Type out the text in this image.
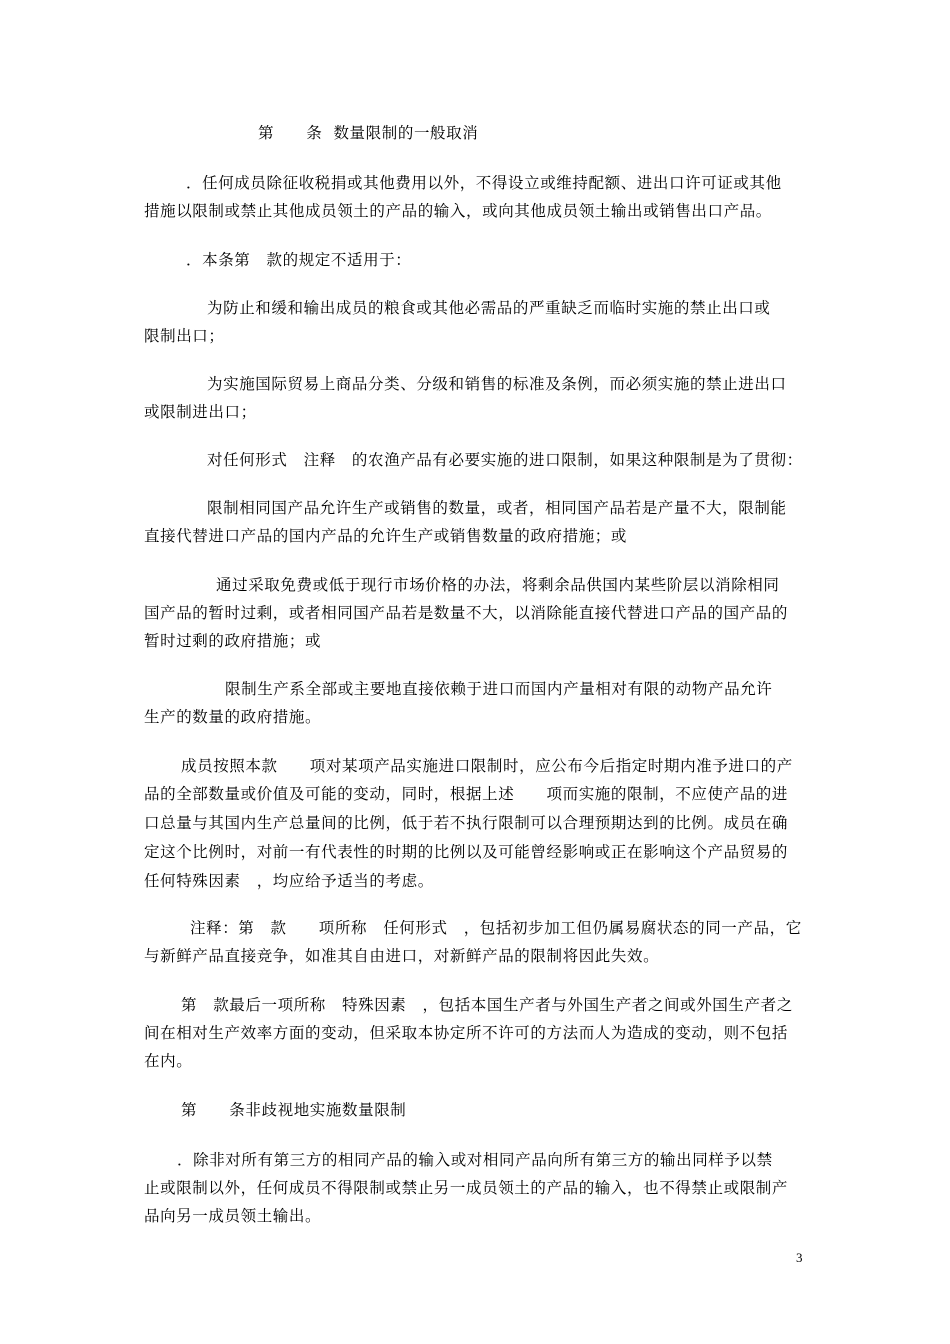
第　　条  数量限制的一般取消
．任何成员除征收税捐或其他费用以外，不得设立或维持配额、进出口许可证或其他
措施以限制或禁止其他成员领土的产品的输入，或向其他成员领土输出或销售出口产品。
．本条第　款的规定不适用于：
为防止和缓和输出成员的粮食或其他必需品的严重缺乏而临时实施的禁止出口或
限制出口；
为实施国际贸易上商品分类、分级和销售的标准及条例，而必须实施的禁止进出口
或限制进出口；
对任何形式　注释　的农渔产品有必要实施的进口限制，如果这种限制是为了贯彻：
限制相同国产品允许生产或销售的数量，或者，相同国产品若是产量不大，限制能
直接代替进口产品的国内产品的允许生产或销售数量的政府措施；或
通过采取免费或低于现行市场价格的办法，将剩余品供国内某些阶层以消除相同
国产品的暂时过剩，或者相同国产品若是数量不大，以消除能直接代替进口产品的国产品的
暂时过剩的政府措施；或
限制生产系全部或主要地直接依赖于进口而国内产量相对有限的动物产品允许
生产的数量的政府措施。
成员按照本款　　项对某项产品实施进口限制时，应公布今后指定时期内准予进口的产
品的全部数量或价值及可能的变动，同时，根据上述　　项而实施的限制，不应使产品的进
口总量与其国内生产总量间的比例，低于若不执行限制可以合理预期达到的比例。成员在确
定这个比例时，对前一有代表性的时期的比例以及可能曾经影响或正在影响这个产品贸易的
任何特殊因素　，均应给予适当的考虑。
注释：第　款　　项所称　任何形式　，包括初步加工但仍属易腐状态的同一产品，它
与新鲜产品直接竞争，如准其自由进口，对新鲜产品的限制将因此失效。
第　款最后一项所称　特殊因素　，包括本国生产者与外国生产者之间或外国生产者之
间在相对生产效率方面的变动，但采取本协定所不许可的方法而人为造成的变动，则不包括
在内。
第　　条非歧视地实施数量限制
．除非对所有第三方的相同产品的输入或对相同产品向所有第三方的输出同样予以禁
止或限制以外，任何成员不得限制或禁止另一成员领土的产品的输入，也不得禁止或限制产
品向另一成员领土输出。
3
